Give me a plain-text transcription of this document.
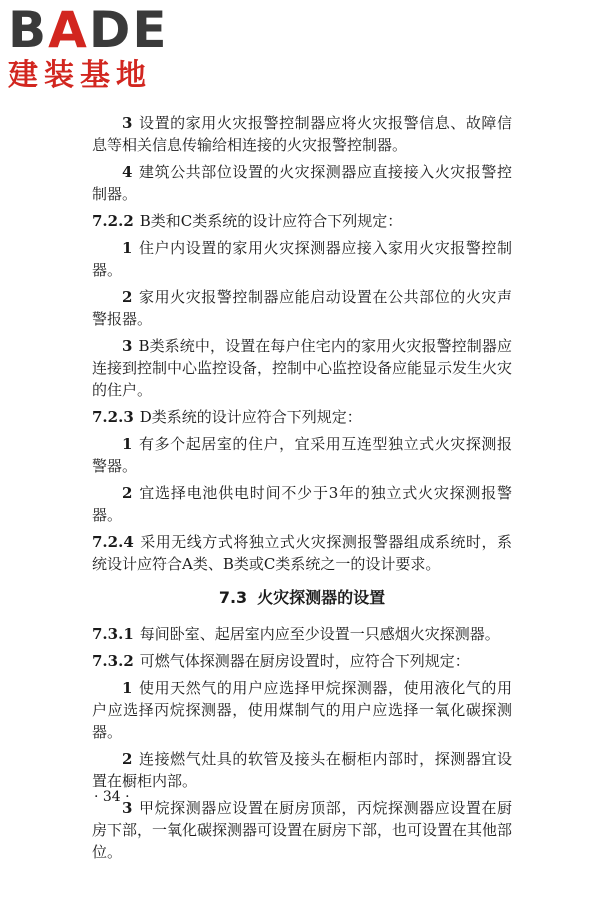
BADE
建装基地

3 设置的家用火灾报警控制器应将火灾报警信息、故障信息等相关信息传输给相连接的火灾报警控制器。

4 建筑公共部位设置的火灾探测器应直接接入火灾报警控制器。

7.2.2 B类和C类系统的设计应符合下列规定：

1 住户内设置的家用火灾探测器应接入家用火灾报警控制器。

2 家用火灾报警控制器应能启动设置在公共部位的火灾声警报器。

3 B类系统中，设置在每户住宅内的家用火灾报警控制器应连接到控制中心监控设备，控制中心监控设备应能显示发生火灾的住户。

7.2.3 D类系统的设计应符合下列规定：

1 有多个起居室的住户，宜采用互连型独立式火灾探测报警器。

2 宜选择电池供电时间不少于3年的独立式火灾探测报警器。

7.2.4 采用无线方式将独立式火灾探测报警器组成系统时，系统设计应符合A类、B类或C类系统之一的设计要求。

7.3 火灾探测器的设置

7.3.1 每间卧室、起居室内应至少设置一只感烟火灾探测器。

7.3.2 可燃气体探测器在厨房设置时，应符合下列规定：

1 使用天然气的用户应选择甲烷探测器，使用液化气的用户应选择丙烷探测器，使用煤制气的用户应选择一氧化碳探测器。

2 连接燃气灶具的软管及接头在橱柜内部时，探测器宜设置在橱柜内部。

3 甲烷探测器应设置在厨房顶部，丙烷探测器应设置在厨房下部，一氧化碳探测器可设置在厨房下部，也可设置在其他部位。

· 34 ·
